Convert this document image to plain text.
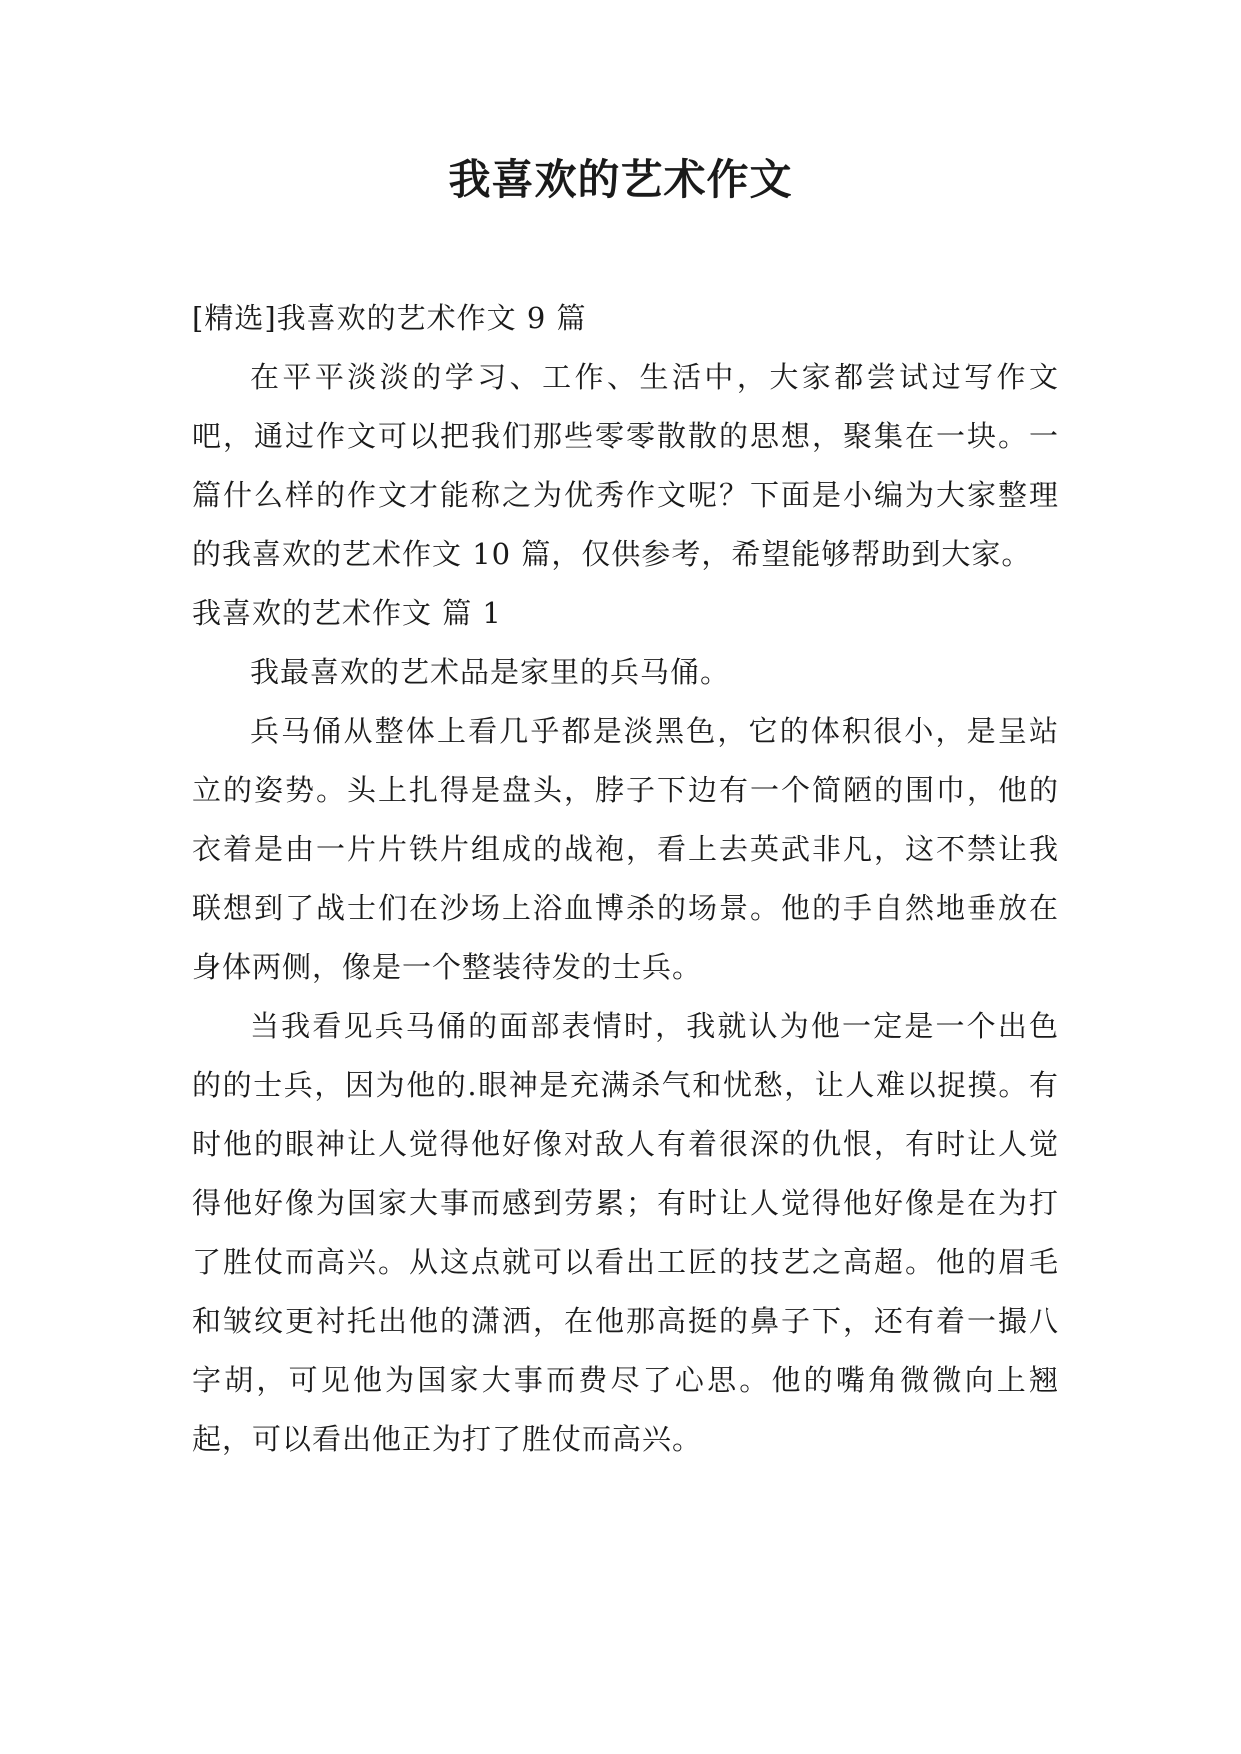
我喜欢的艺术作文

[精选]我喜欢的艺术作文 9 篇

在平平淡淡的学习、工作、生活中，大家都尝试过写作文吧，通过作文可以把我们那些零零散散的思想，聚集在一块。一篇什么样的作文才能称之为优秀作文呢？下面是小编为大家整理的我喜欢的艺术作文 10 篇，仅供参考，希望能够帮助到大家。

我喜欢的艺术作文 篇 1

我最喜欢的艺术品是家里的兵马俑。

兵马俑从整体上看几乎都是淡黑色，它的体积很小，是呈站立的姿势。头上扎得是盘头，脖子下边有一个简陋的围巾，他的衣着是由一片片铁片组成的战袍，看上去英武非凡，这不禁让我联想到了战士们在沙场上浴血博杀的场景。他的手自然地垂放在身体两侧，像是一个整装待发的士兵。

当我看见兵马俑的面部表情时，我就认为他一定是一个出色的的士兵，因为他的.眼神是充满杀气和忧愁，让人难以捉摸。有时他的眼神让人觉得他好像对敌人有着很深的仇恨，有时让人觉得他好像为国家大事而感到劳累；有时让人觉得他好像是在为打了胜仗而高兴。从这点就可以看出工匠的技艺之高超。他的眉毛和皱纹更衬托出他的潇洒，在他那高挺的鼻子下，还有着一撮八字胡，可见他为国家大事而费尽了心思。他的嘴角微微向上翘起，可以看出他正为打了胜仗而高兴。
